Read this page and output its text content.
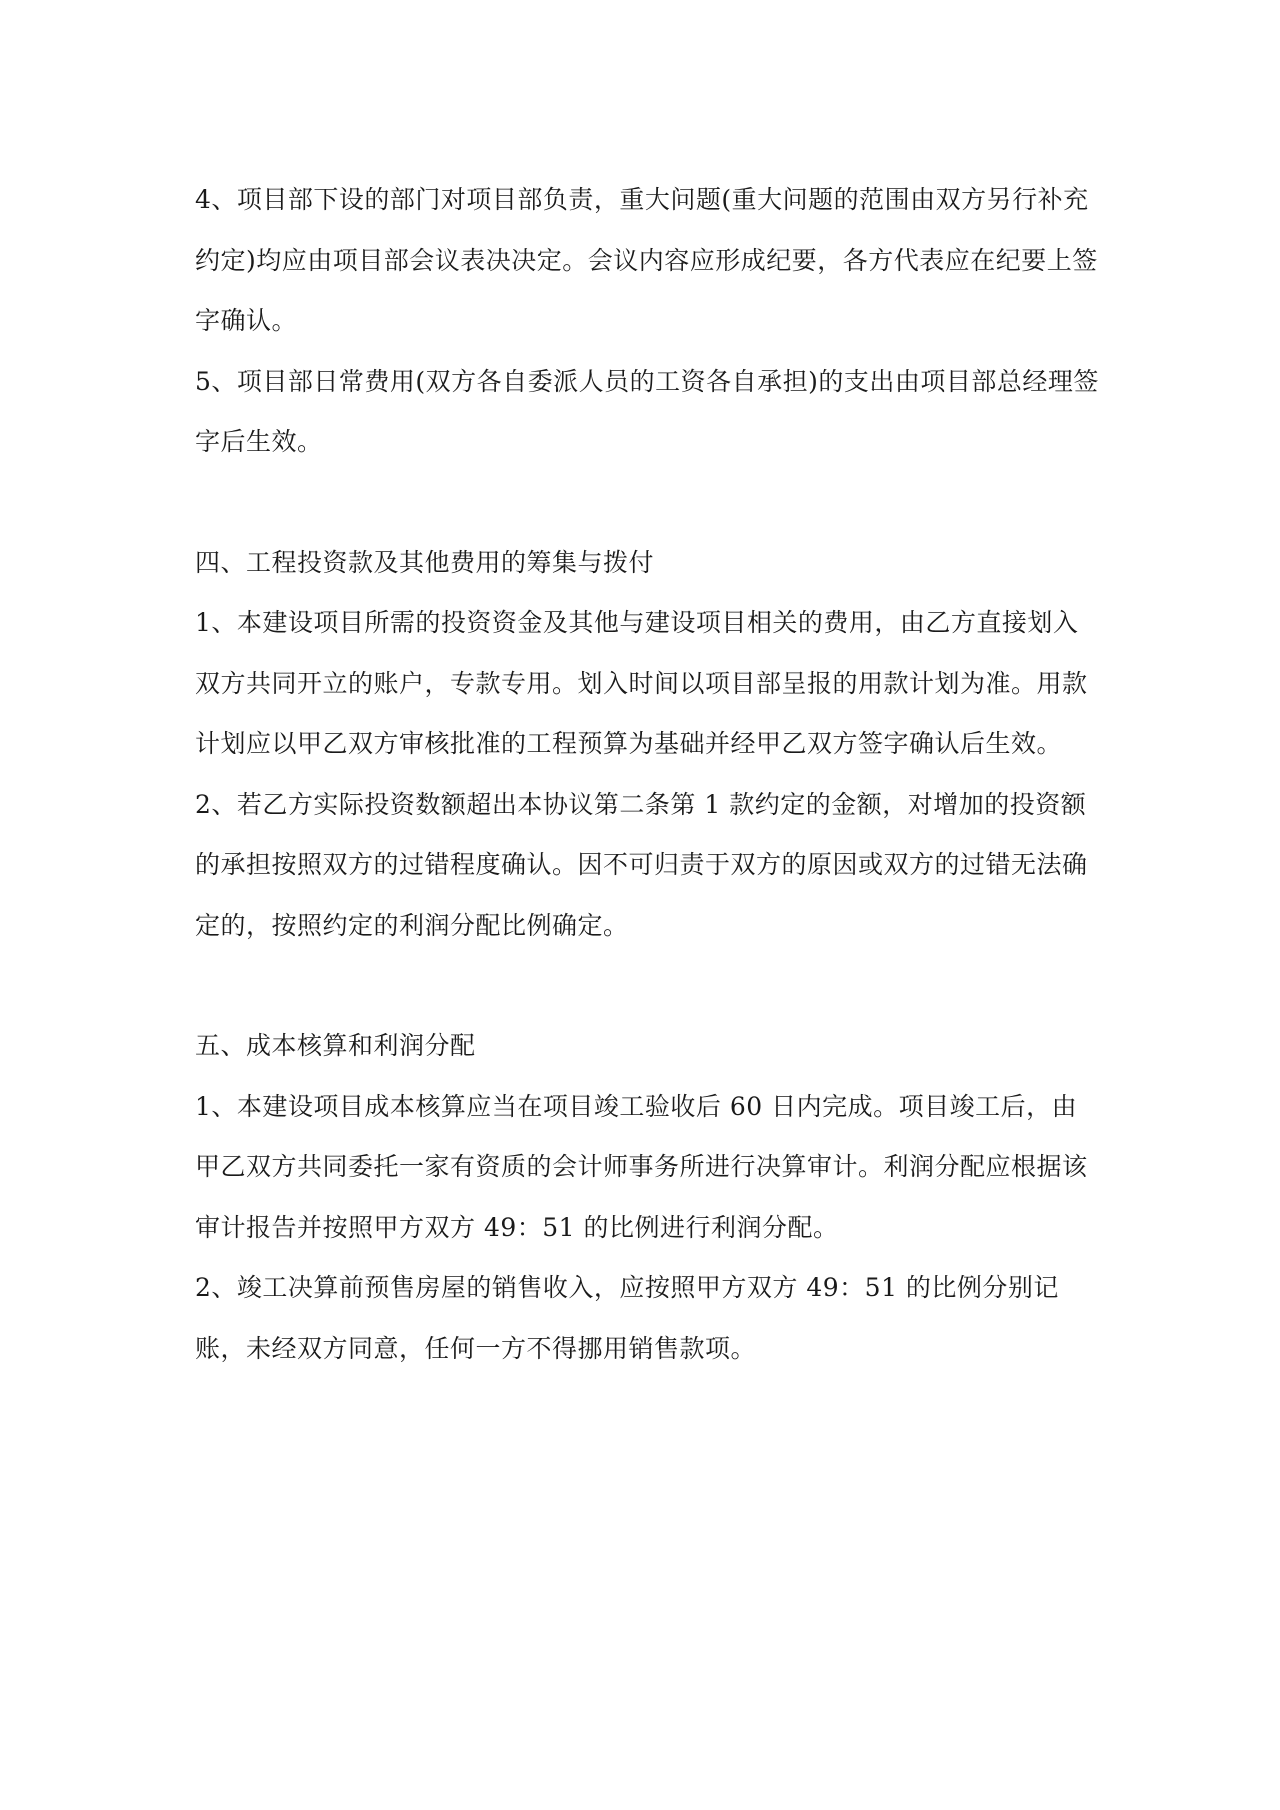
4、项目部下设的部门对项目部负责，重大问题(重大问题的范围由双方另行补充约定)均应由项目部会议表决决定。会议内容应形成纪要，各方代表应在纪要上签字确认。

5、项目部日常费用(双方各自委派人员的工资各自承担)的支出由项目部总经理签字后生效。

四、工程投资款及其他费用的筹集与拨付

1、本建设项目所需的投资资金及其他与建设项目相关的费用，由乙方直接划入双方共同开立的账户，专款专用。划入时间以项目部呈报的用款计划为准。用款计划应以甲乙双方审核批准的工程预算为基础并经甲乙双方签字确认后生效。

2、若乙方实际投资数额超出本协议第二条第 1 款约定的金额，对增加的投资额的承担按照双方的过错程度确认。因不可归责于双方的原因或双方的过错无法确定的，按照约定的利润分配比例确定。

五、成本核算和利润分配

1、本建设项目成本核算应当在项目竣工验收后 60 日内完成。项目竣工后，由甲乙双方共同委托一家有资质的会计师事务所进行决算审计。利润分配应根据该审计报告并按照甲方双方 49：51 的比例进行利润分配。

2、竣工决算前预售房屋的销售收入，应按照甲方双方 49：51 的比例分别记账，未经双方同意，任何一方不得挪用销售款项。
